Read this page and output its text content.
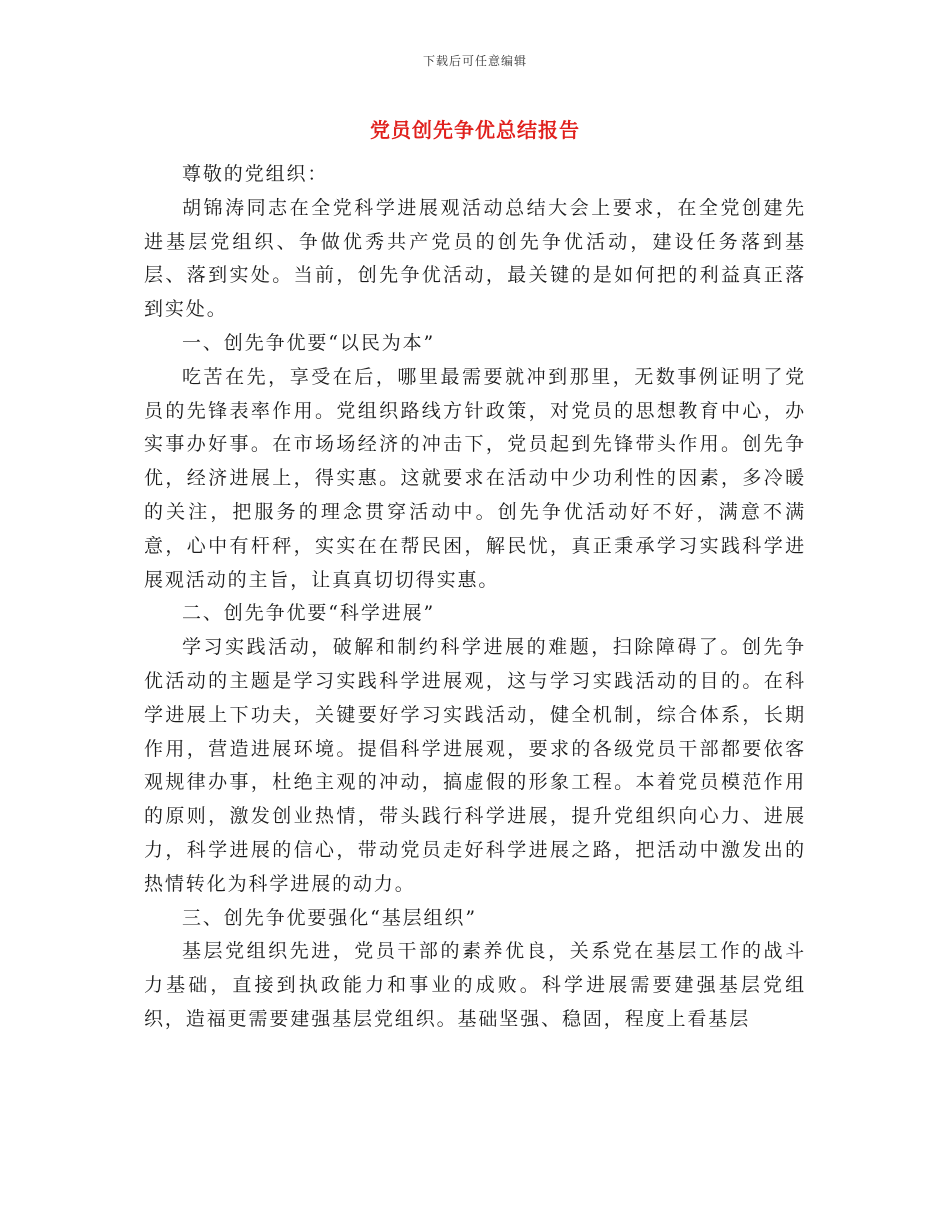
下载后可任意编辑
党员创先争优总结报告

尊敬的党组织：

胡锦涛同志在全党科学进展观活动总结大会上要求，在全党创建先进基层党组织、争做优秀共产党员的创先争优活动，建设任务落到基层、落到实处。当前，创先争优活动，最关键的是如何把的利益真正落到实处。

一、创先争优要“以民为本”

吃苦在先，享受在后，哪里最需要就冲到那里，无数事例证明了党员的先锋表率作用。党组织路线方针政策，对党员的思想教育中心，办实事办好事。在市场场经济的冲击下，党员起到先锋带头作用。创先争优，经济进展上，得实惠。这就要求在活动中少功利性的因素，多冷暖的关注，把服务的理念贯穿活动中。创先争优活动好不好，满意不满意，心中有杆秤，实实在在帮民困，解民忧，真正秉承学习实践科学进展观活动的主旨，让真真切切得实惠。

二、创先争优要“科学进展”

学习实践活动，破解和制约科学进展的难题，扫除障碍了。创先争优活动的主题是学习实践科学进展观，这与学习实践活动的目的。在科学进展上下功夫，关键要好学习实践活动，健全机制，综合体系，长期作用，营造进展环境。提倡科学进展观，要求的各级党员干部都要依客观规律办事，杜绝主观的冲动，搞虚假的形象工程。本着党员模范作用的原则，激发创业热情，带头践行科学进展，提升党组织向心力、进展力，科学进展的信心，带动党员走好科学进展之路，把活动中激发出的热情转化为科学进展的动力。

三、创先争优要强化“基层组织”

基层党组织先进，党员干部的素养优良，关系党在基层工作的战斗力基础，直接到执政能力和事业的成败。科学进展需要建强基层党组织，造福更需要建强基层党组织。基础坚强、稳固，程度上看基层
